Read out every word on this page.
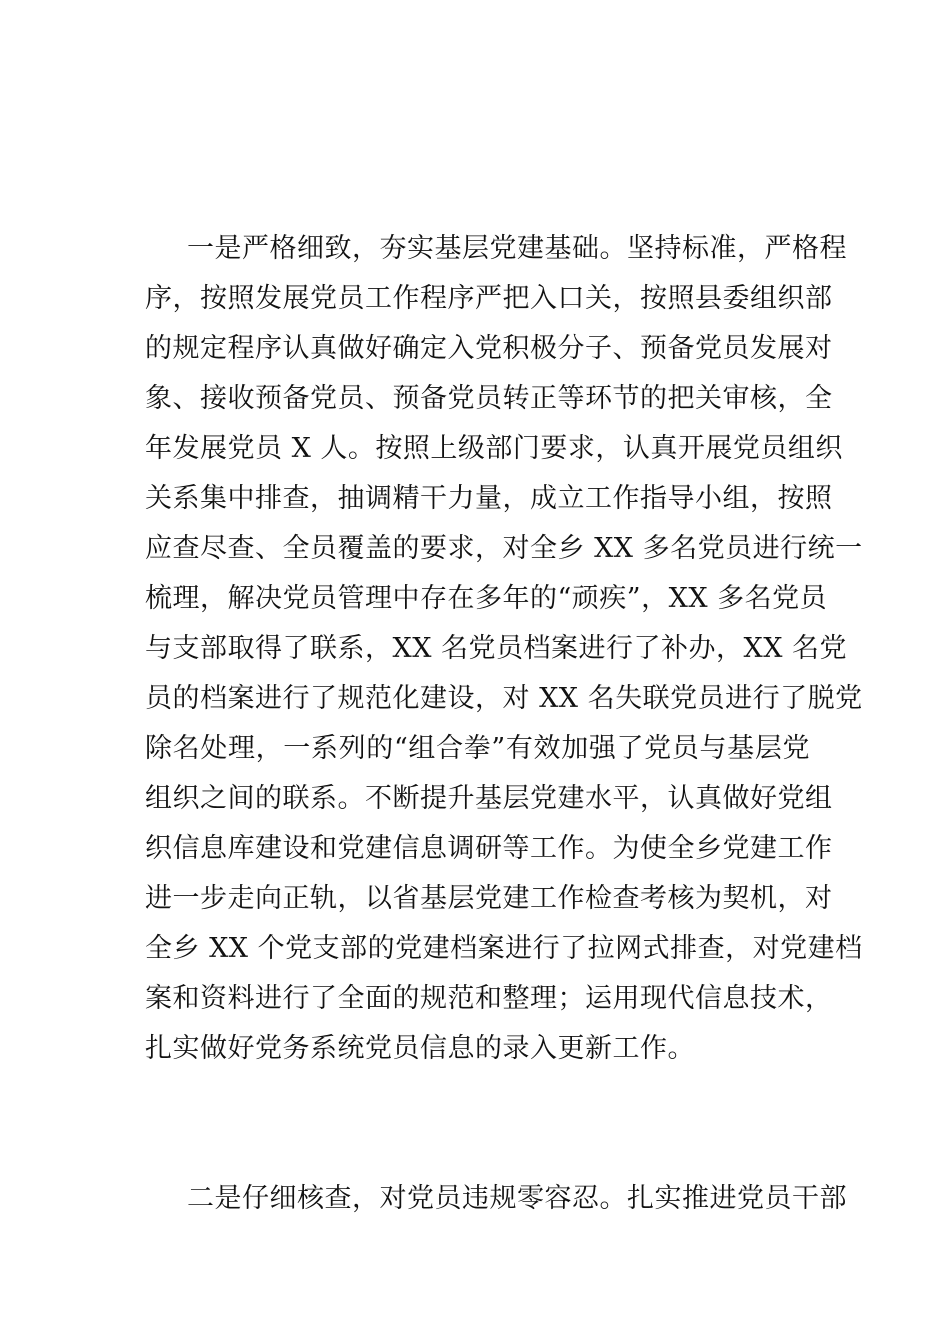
一是严格细致，夯实基层党建基础。坚持标准，严格程
序，按照发展党员工作程序严把入口关，按照县委组织部
的规定程序认真做好确定入党积极分子、预备党员发展对
象、接收预备党员、预备党员转正等环节的把关审核，全
年发展党员 X 人。按照上级部门要求，认真开展党员组织
关系集中排查，抽调精干力量，成立工作指导小组，按照
应查尽查、全员覆盖的要求，对全乡 XX 多名党员进行统一
梳理，解决党员管理中存在多年的“顽疾”，XX 多名党员
与支部取得了联系，XX 名党员档案进行了补办，XX 名党
员的档案进行了规范化建设，对 XX 名失联党员进行了脱党
除名处理，一系列的“组合拳”有效加强了党员与基层党
组织之间的联系。不断提升基层党建水平，认真做好党组
织信息库建设和党建信息调研等工作。为使全乡党建工作
进一步走向正轨，以省基层党建工作检查考核为契机，对
全乡 XX 个党支部的党建档案进行了拉网式排查，对党建档
案和资料进行了全面的规范和整理；运用现代信息技术，
扎实做好党务系统党员信息的录入更新工作。
二是仔细核查，对党员违规零容忍。扎实推进党员干部
